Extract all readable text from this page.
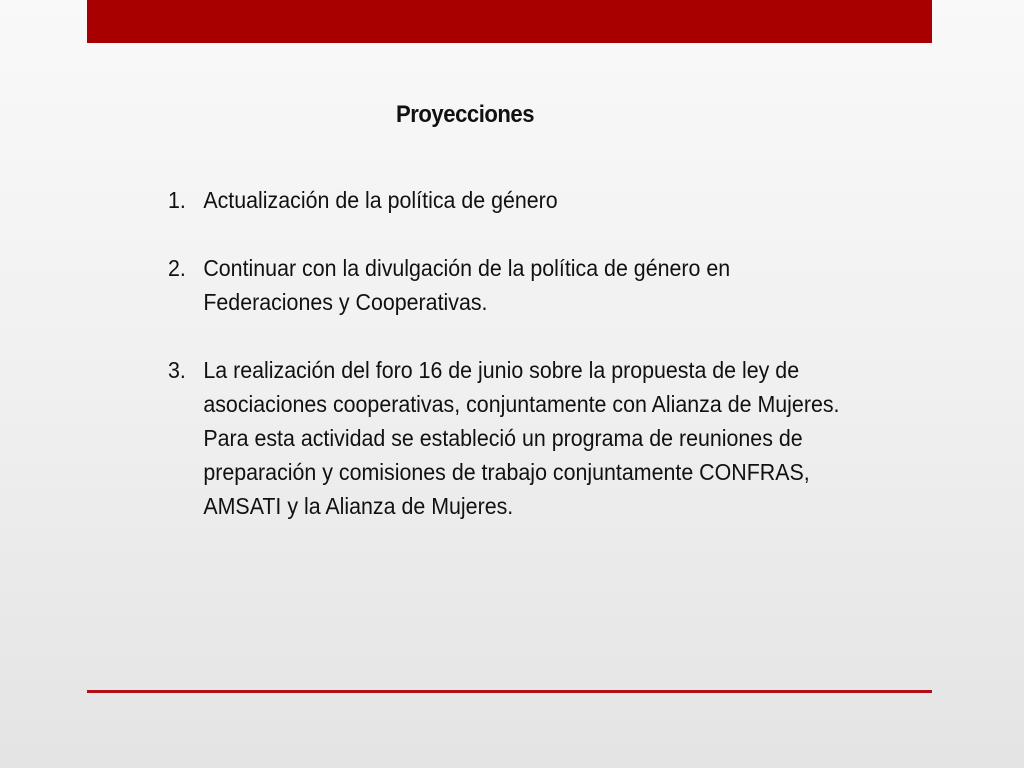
Proyecciones
1. Actualización de la política de género
2. Continuar con la divulgación de la política de género en Federaciones y Cooperativas.
3. La realización del foro 16 de junio sobre la propuesta de ley de asociaciones cooperativas, conjuntamente con Alianza de Mujeres. Para esta actividad se estableció un programa de reuniones de preparación y comisiones de trabajo conjuntamente CONFRAS, AMSATI y la Alianza de Mujeres.
